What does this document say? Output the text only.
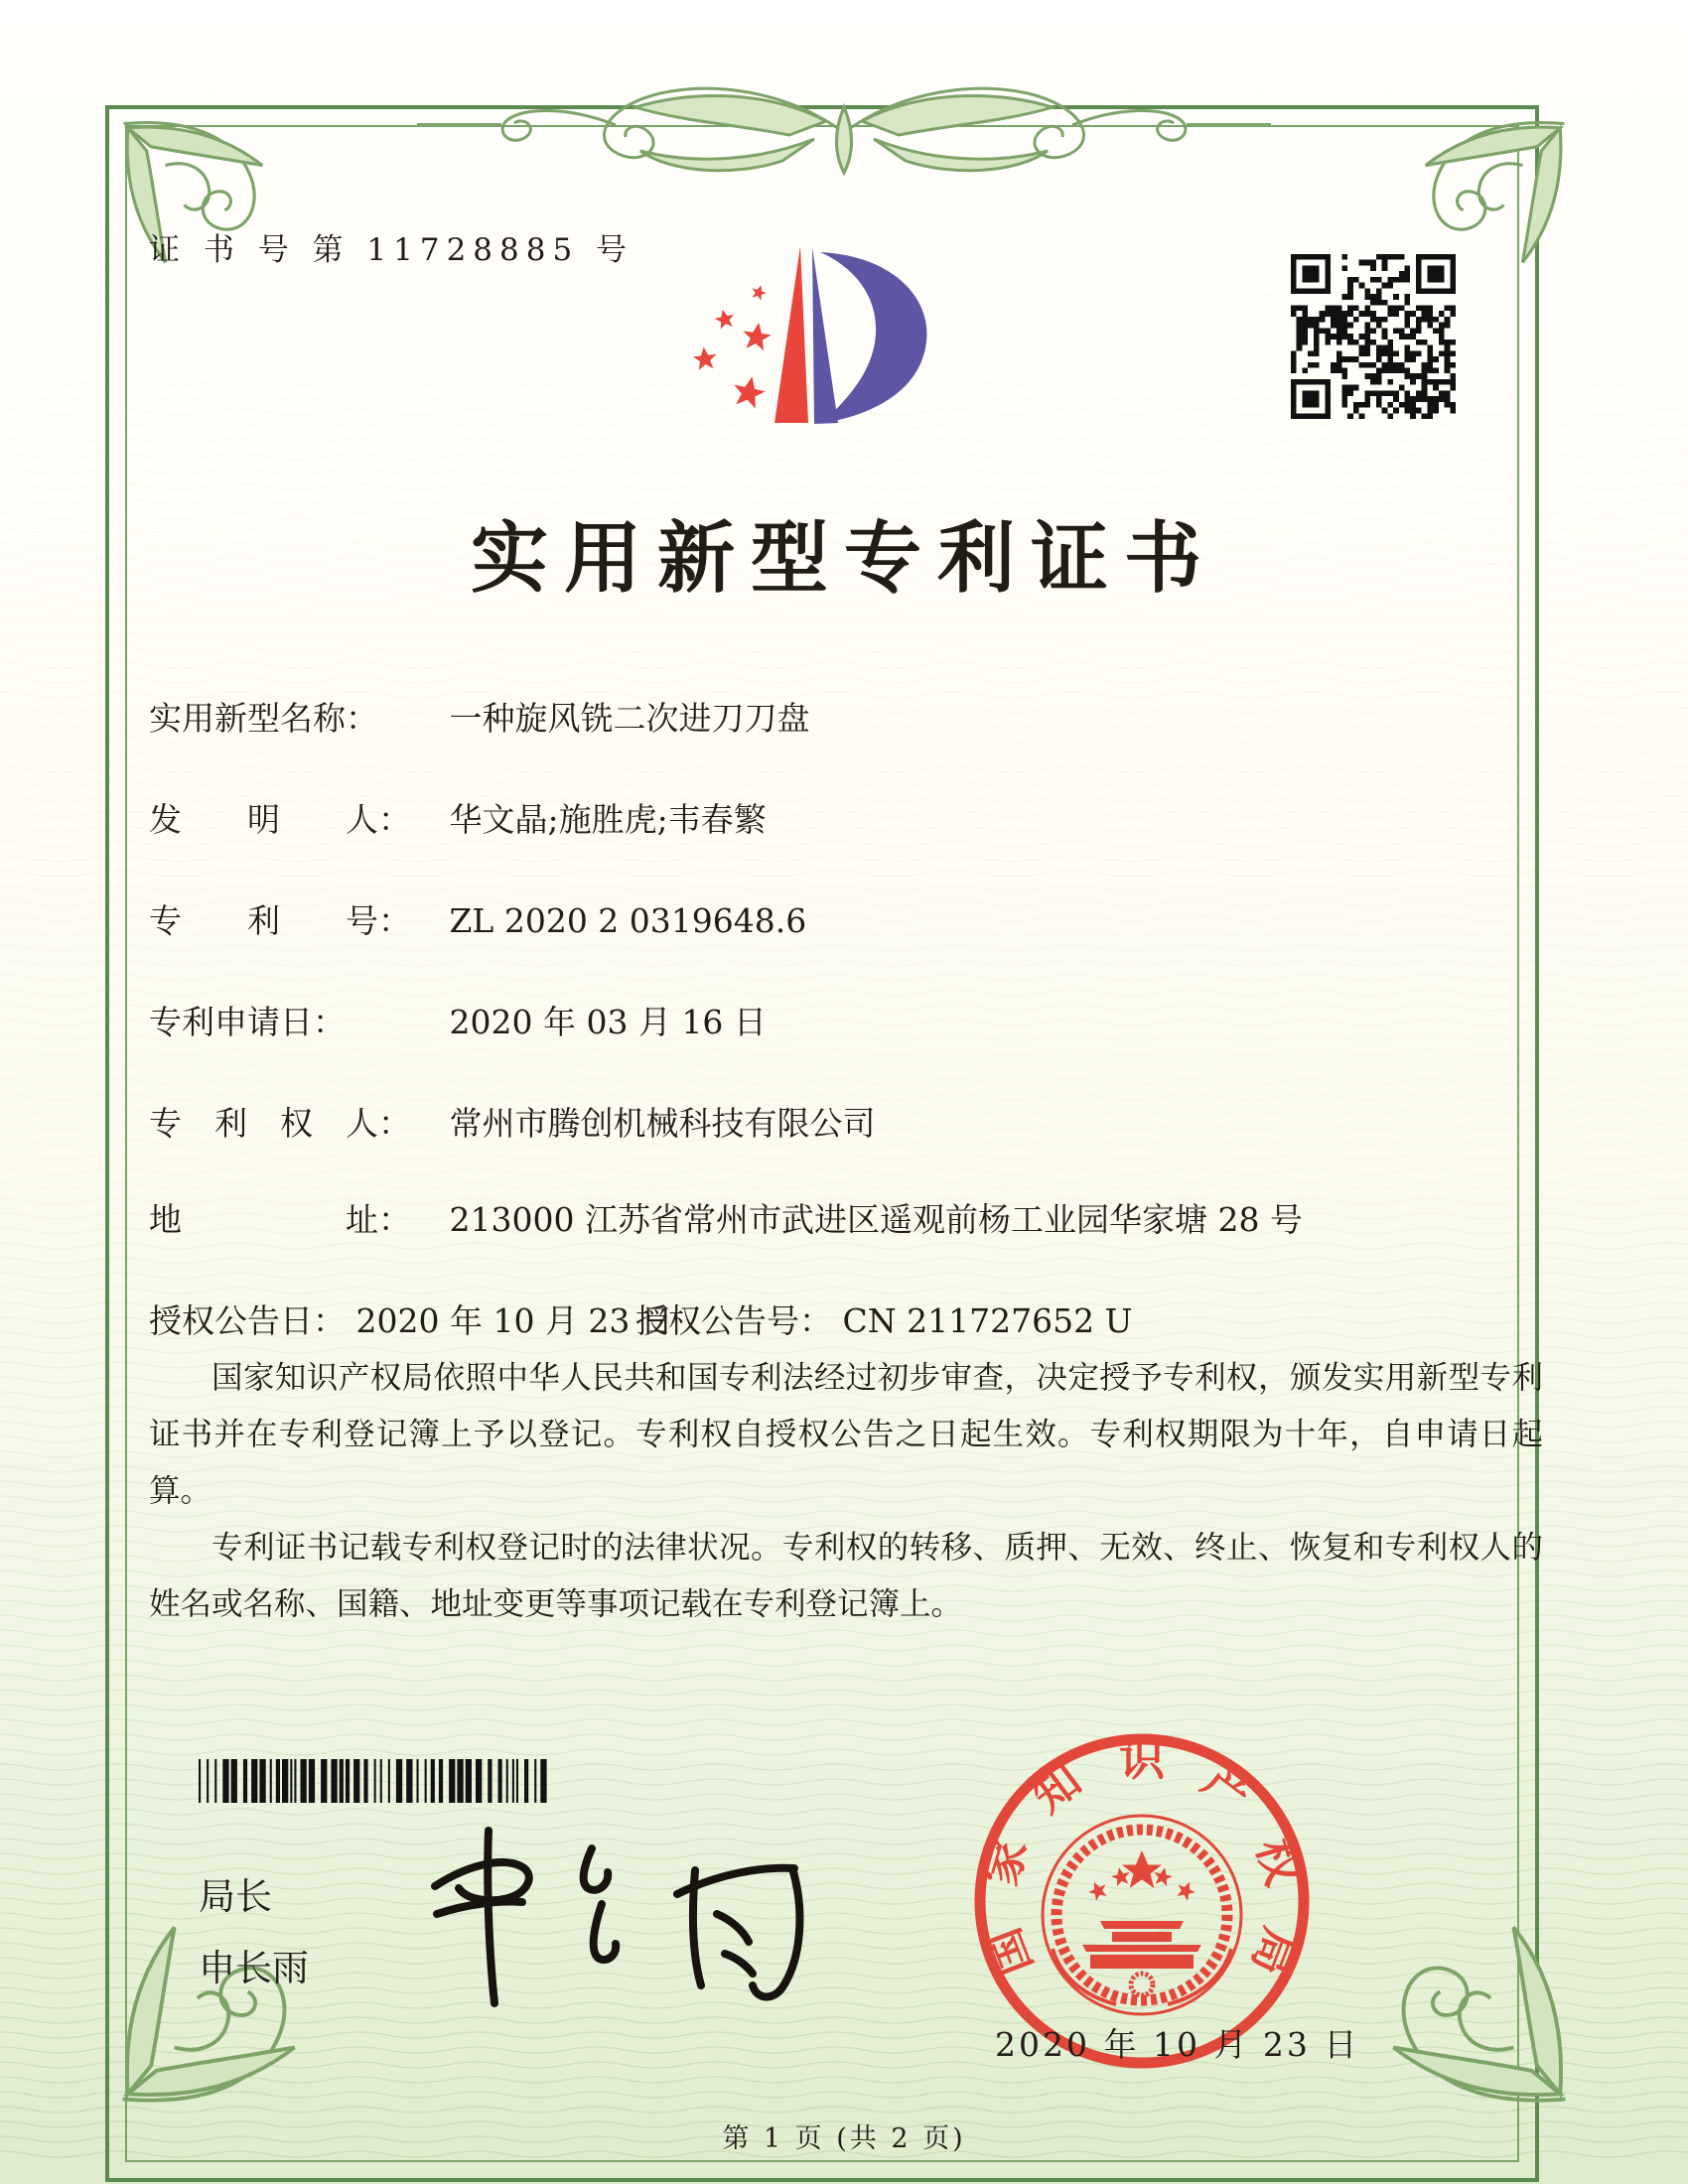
证 书 号 第 11728885 号
实用新型专利证书
实用新型名称： 一种旋风铣二次进刀刀盘
发　　明　　人： 华文晶;施胜虎;韦春繁
专　　利　　号： ZL 2020 2 0319648.6
专利申请日：	2020 年 03 月 16 日
专　利　权　人： 常州市腾创机械科技有限公司
地　　　　　址： 213000 江苏省常州市武进区遥观前杨工业园华家塘 28 号
授权公告日： 2020 年 10 月 23 日
授权公告号： CN 211727652 U

国家知识产权局依照中华人民共和国专利法经过初步审查，决定授予专利权，颁发实用新型专利证书并在专利登记簿上予以登记。专利权自授权公告之日起生效。专利权期限为十年，自申请日起算。

专利证书记载专利权登记时的法律状况。专利权的转移、质押、无效、终止、恢复和专利权人的姓名或名称、国籍、地址变更等事项记载在专利登记簿上。

局长
申长雨	国
家
知 识 产
权
局
2020 年 10 月 23 日
第 1 页 (共 2 页)
